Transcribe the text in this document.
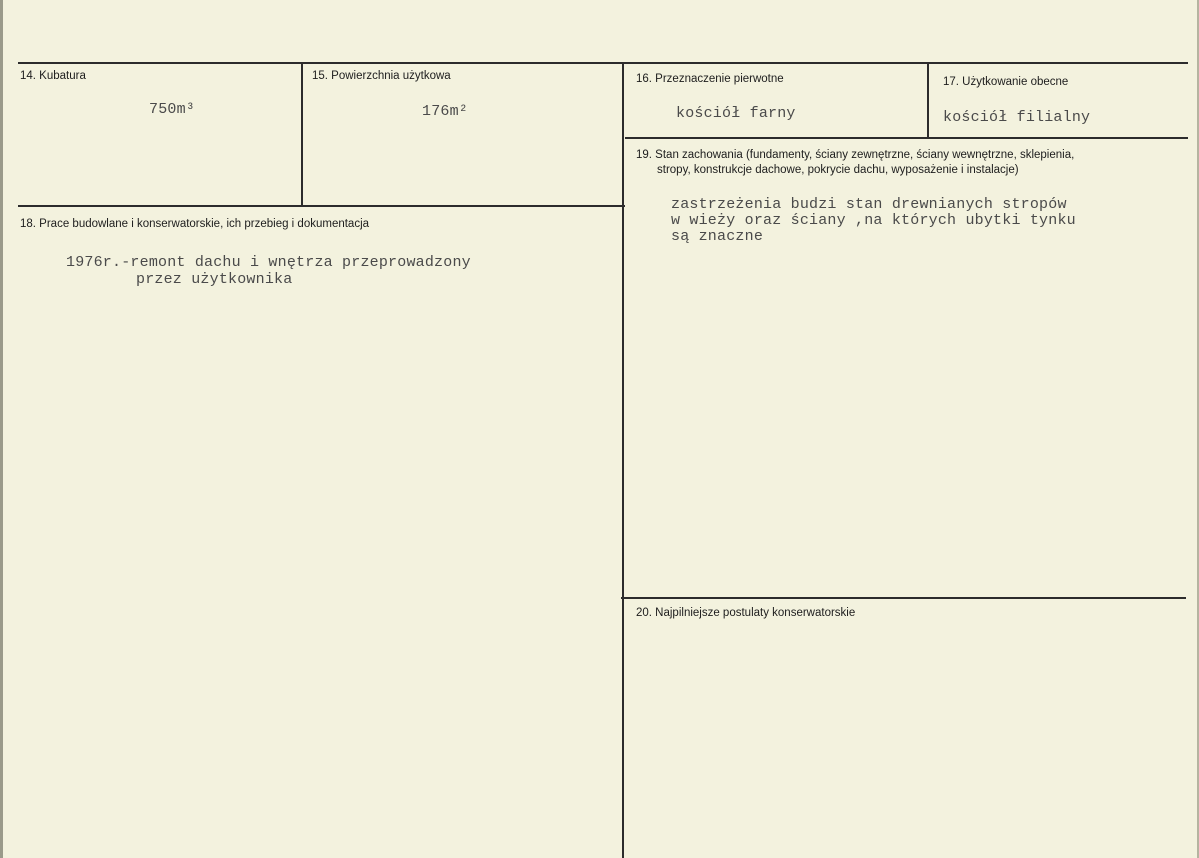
14. Kubatura
750m³
15. Powierzchnia użytkowa
176m²
16. Przeznaczenie pierwotne
kościół farny
17. Użytkowanie obecne
kościół filialny
18. Prace budowlane i konserwatorskie, ich przebieg i dokumentacja
1976r.-remont dachu i wnętrza przeprowadzony
przez użytkownika
19. Stan zachowania (fundamenty, ściany zewnętrzne, ściany wewnętrzne, sklepienia,
stropy, konstrukcje dachowe, pokrycie dachu, wyposażenie i instalacje)
zastrzeżenia budzi stan drewnianych stropów
w wieży oraz ściany ,na których ubytki tynku
są znaczne
20. Najpilniejsze postulaty konserwatorskie
